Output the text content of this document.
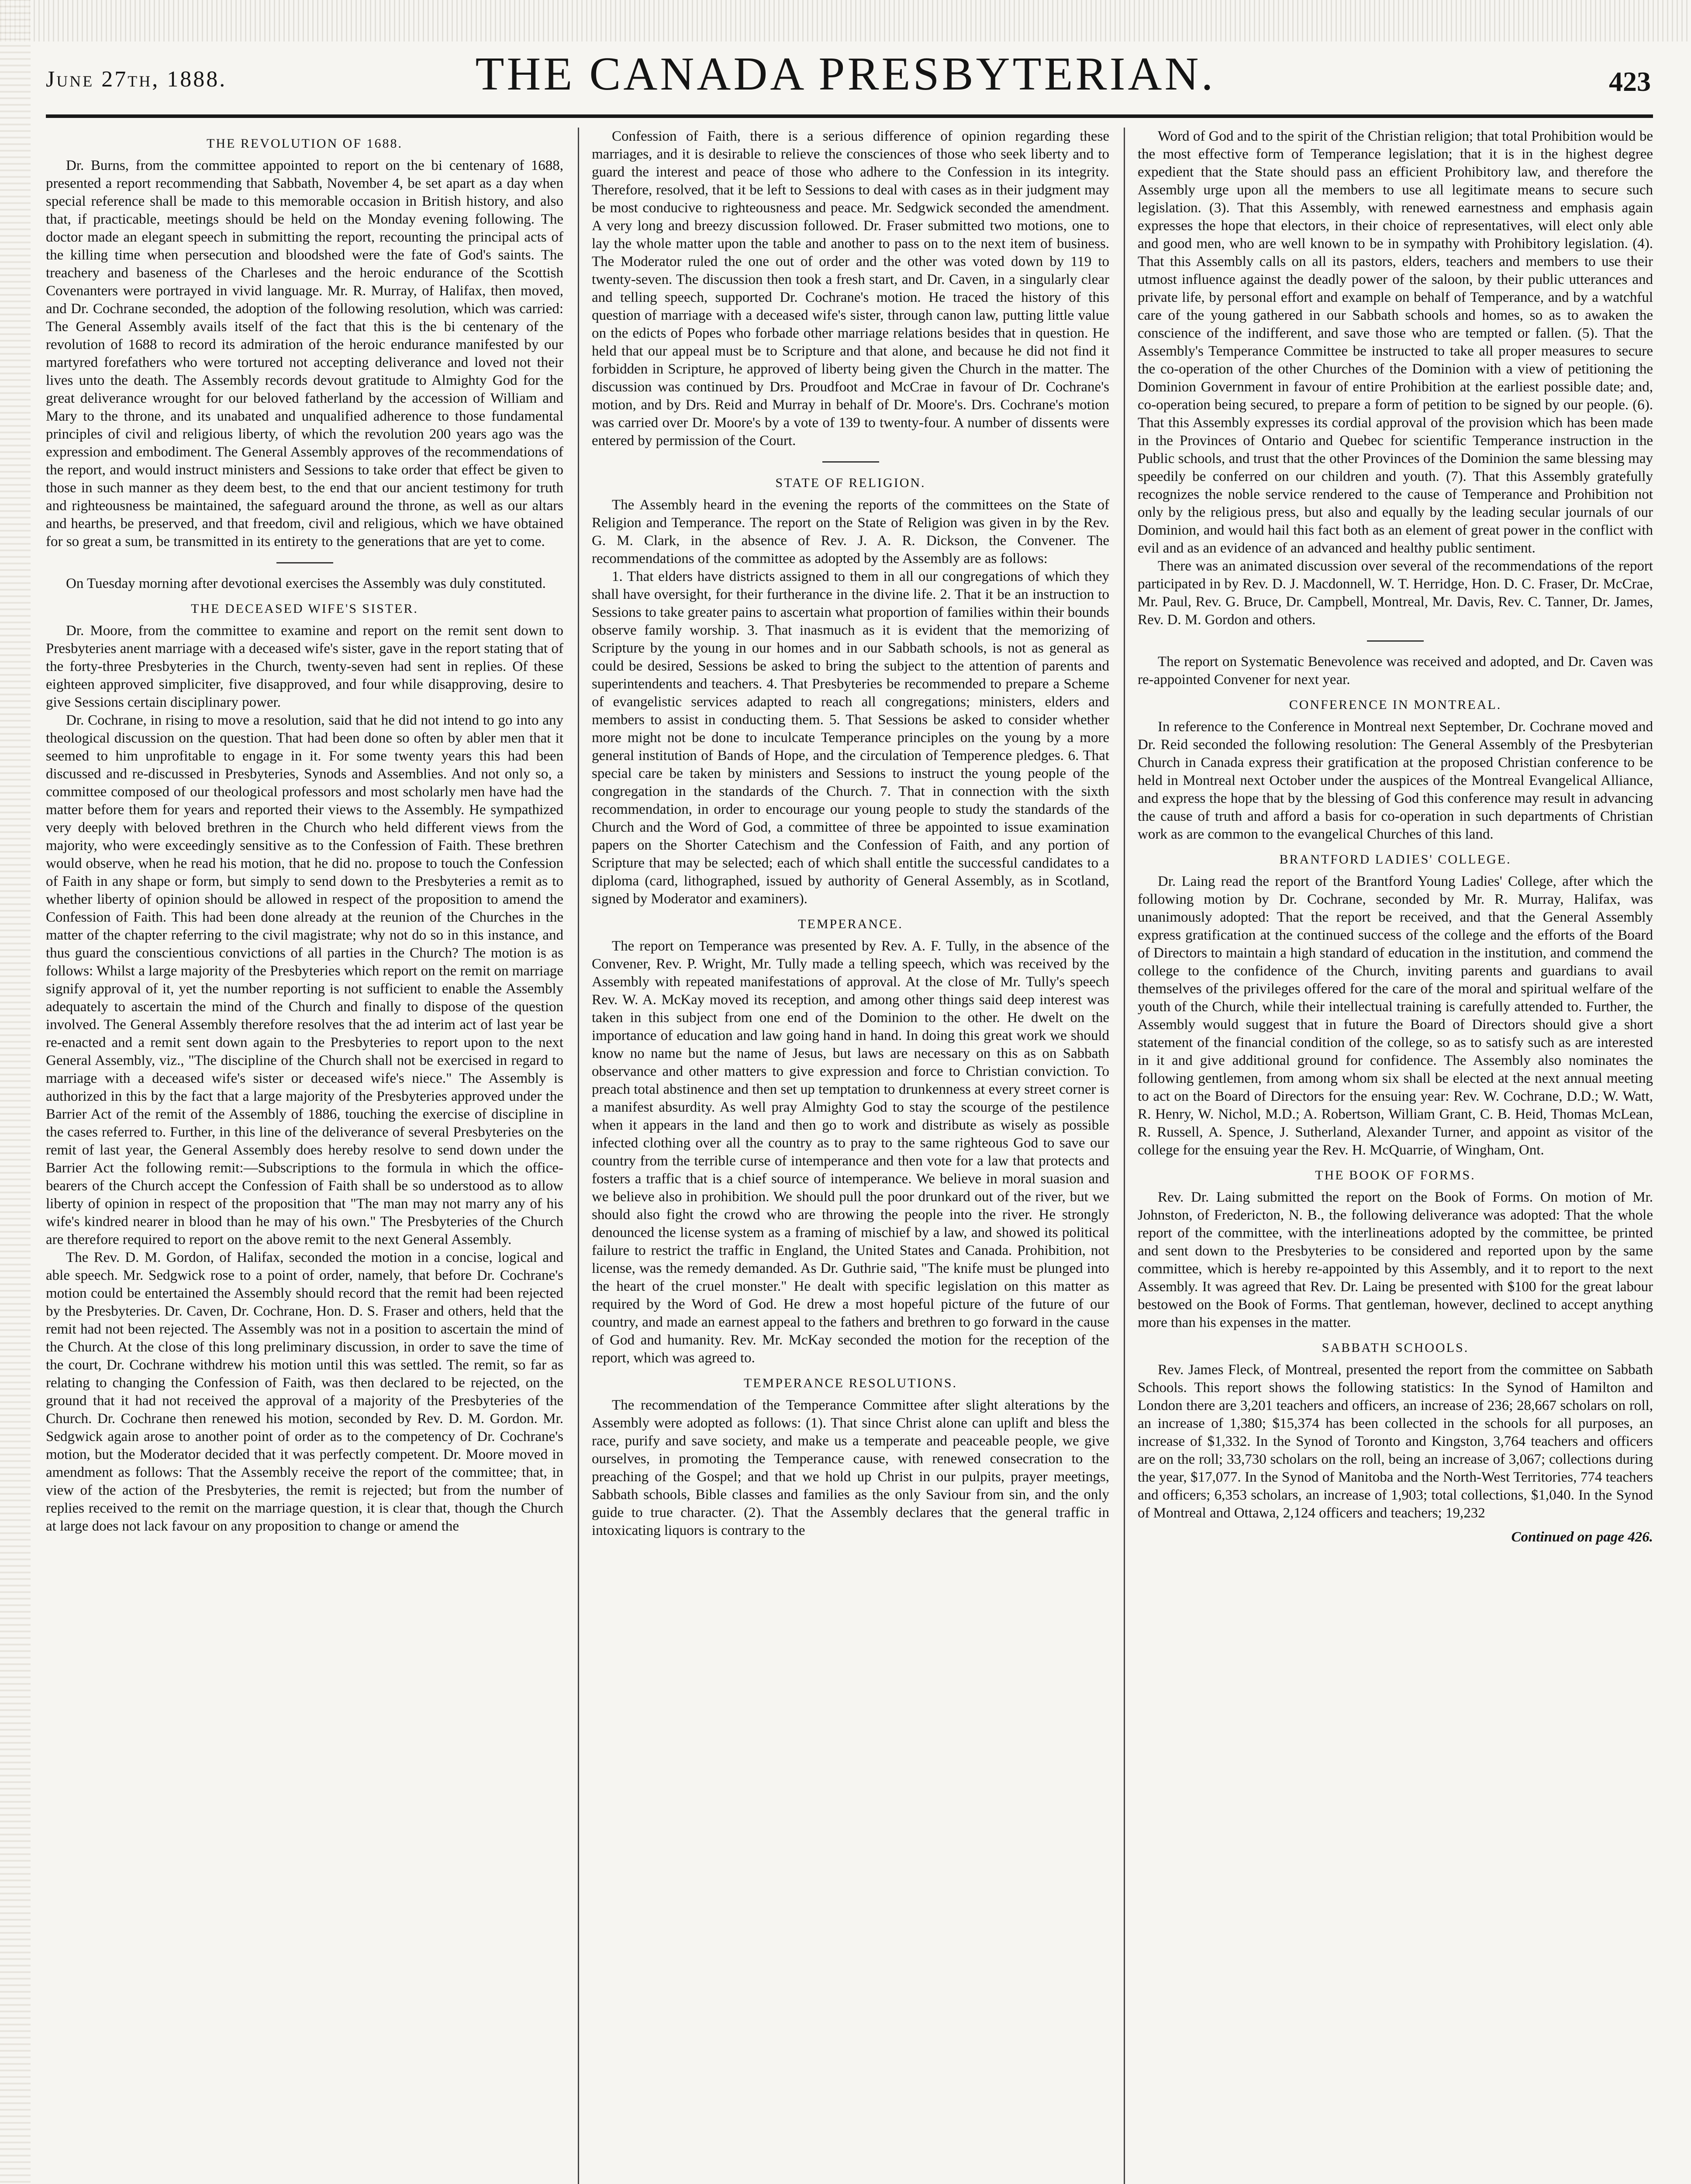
June 27th, 1888.	THE CANADA PRESBYTERIAN.	423
THE REVOLUTION OF 1688.

Dr. Burns, from the committee appointed to report on the bi centenary of 1688, presented a report recommending that Sabbath, November 4, be set apart as a day when special reference shall be made to this memorable occasion in British history, and also that, if practicable, meetings should be held on the Monday evening following. The doctor made an elegant speech in submitting the report, recounting the principal acts of the killing time when persecution and bloodshed were the fate of God's saints. The treachery and baseness of the Charleses and the heroic endurance of the Scottish Covenanters were portrayed in vivid language. Mr. R. Murray, of Halifax, then moved, and Dr. Cochrane seconded, the adoption of the following resolution, which was carried: The General Assembly avails itself of the fact that this is the bi centenary of the revolution of 1688 to record its admiration of the heroic endurance manifested by our martyred forefathers who were tortured not accepting deliverance and loved not their lives unto the death. The Assembly records devout gratitude to Almighty God for the great deliverance wrought for our beloved fatherland by the accession of William and Mary to the throne, and its unabated and unqualified adherence to those fundamental principles of civil and religious liberty, of which the revolution 200 years ago was the expression and embodiment. The General Assembly approves of the recommendations of the report, and would instruct ministers and Sessions to take order that effect be given to those in such manner as they deem best, to the end that our ancient testimony for truth and righteousness be maintained, the safeguard around the throne, as well as our altars and hearths, be preserved, and that freedom, civil and religious, which we have obtained for so great a sum, be transmitted in its entirety to the generations that are yet to come.

On Tuesday morning after devotional exercises the Assembly was duly constituted.

THE DECEASED WIFE'S SISTER.

Dr. Moore, from the committee to examine and report on the remit sent down to Presbyteries anent marriage with a deceased wife's sister, gave in the report stating that of the forty-three Presbyteries in the Church, twenty-seven had sent in replies. Of these eighteen approved simpliciter, five disapproved, and four while disapproving, desire to give Sessions certain disciplinary power.

Dr. Cochrane, in rising to move a resolution, said that he did not intend to go into any theological discussion on the question. That had been done so often by abler men that it seemed to him unprofitable to engage in it. For some twenty years this had been discussed and re-discussed in Presbyteries, Synods and Assemblies. And not only so, a committee composed of our theological professors and most scholarly men have had the matter before them for years and reported their views to the Assembly. He sympathized very deeply with beloved brethren in the Church who held different views from the majority, who were exceedingly sensitive as to the Confession of Faith. These brethren would observe, when he read his motion, that he did no. propose to touch the Confession of Faith in any shape or form, but simply to send down to the Presbyteries a remit as to whether liberty of opinion should be allowed in respect of the proposition to amend the Confession of Faith. This had been done already at the reunion of the Churches in the matter of the chapter referring to the civil magistrate; why not do so in this instance, and thus guard the conscientious convictions of all parties in the Church? The motion is as follows: Whilst a large majority of the Presbyteries which report on the remit on marriage signify approval of it, yet the number reporting is not sufficient to enable the Assembly adequately to ascertain the mind of the Church and finally to dispose of the question involved. The General Assembly therefore resolves that the ad interim act of last year be re-enacted and a remit sent down again to the Presbyteries to report upon to the next General Assembly, viz., "The discipline of the Church shall not be exercised in regard to marriage with a deceased wife's sister or deceased wife's niece." The Assembly is authorized in this by the fact that a large majority of the Presbyteries approved under the Barrier Act of the remit of the Assembly of 1886, touching the exercise of discipline in the cases referred to. Further, in this line of the deliverance of several Presbyteries on the remit of last year, the General Assembly does hereby resolve to send down under the Barrier Act the following remit:—Subscriptions to the formula in which the office-bearers of the Church accept the Confession of Faith shall be so understood as to allow liberty of opinion in respect of the proposition that "The man may not marry any of his wife's kindred nearer in blood than he may of his own." The Presbyteries of the Church are therefore required to report on the above remit to the next General Assembly.

The Rev. D. M. Gordon, of Halifax, seconded the motion in a concise, logical and able speech. Mr. Sedgwick rose to a point of order, namely, that before Dr. Cochrane's motion could be entertained the Assembly should record that the remit had been rejected by the Presbyteries. Dr. Caven, Dr. Cochrane, Hon. D. S. Fraser and others, held that the remit had not been rejected. The Assembly was not in a position to ascertain the mind of the Church. At the close of this long preliminary discussion, in order to save the time of the court, Dr. Cochrane withdrew his motion until this was settled. The remit, so far as relating to changing the Confession of Faith, was then declared to be rejected, on the ground that it had not received the approval of a majority of the Presbyteries of the Church. Dr. Cochrane then renewed his motion, seconded by Rev. D. M. Gordon. Mr. Sedgwick again arose to another point of order as to the competency of Dr. Cochrane's motion, but the Moderator decided that it was perfectly competent. Dr. Moore moved in amendment as follows: That the Assembly receive the report of the committee; that, in view of the action of the Presbyteries, the remit is rejected; but from the number of replies received to the remit on the marriage question, it is clear that, though the Church at large does not lack favour on any proposition to change or amend the

Confession of Faith, there is a serious difference of opinion regarding these marriages, and it is desirable to relieve the consciences of those who seek liberty and to guard the interest and peace of those who adhere to the Confession in its integrity. Therefore, resolved, that it be left to Sessions to deal with cases as in their judgment may be most conducive to righteousness and peace. Mr. Sedgwick seconded the amendment. A very long and breezy discussion followed. Dr. Fraser submitted two motions, one to lay the whole matter upon the table and another to pass on to the next item of business. The Moderator ruled the one out of order and the other was voted down by 119 to twenty-seven. The discussion then took a fresh start, and Dr. Caven, in a singularly clear and telling speech, supported Dr. Cochrane's motion. He traced the history of this question of marriage with a deceased wife's sister, through canon law, putting little value on the edicts of Popes who forbade other marriage relations besides that in question. He held that our appeal must be to Scripture and that alone, and because he did not find it forbidden in Scripture, he approved of liberty being given the Church in the matter. The discussion was continued by Drs. Proudfoot and McCrae in favour of Dr. Cochrane's motion, and by Drs. Reid and Murray in behalf of Dr. Moore's. Drs. Cochrane's motion was carried over Dr. Moore's by a vote of 139 to twenty-four. A number of dissents were entered by permission of the Court.

STATE OF RELIGION.

The Assembly heard in the evening the reports of the committees on the State of Religion and Temperance. The report on the State of Religion was given in by the Rev. G. M. Clark, in the absence of Rev. J. A. R. Dickson, the Convener. The recommendations of the committee as adopted by the Assembly are as follows:

1. That elders have districts assigned to them in all our congregations of which they shall have oversight, for their furtherance in the divine life. 2. That it be an instruction to Sessions to take greater pains to ascertain what proportion of families within their bounds observe family worship. 3. That inasmuch as it is evident that the memorizing of Scripture by the young in our homes and in our Sabbath schools, is not as general as could be desired, Sessions be asked to bring the subject to the attention of parents and superintendents and teachers. 4. That Presbyteries be recommended to prepare a Scheme of evangelistic services adapted to reach all congregations; ministers, elders and members to assist in conducting them. 5. That Sessions be asked to consider whether more might not be done to inculcate Temperance principles on the young by a more general institution of Bands of Hope, and the circulation of Temperence pledges. 6. That special care be taken by ministers and Sessions to instruct the young people of the congregation in the standards of the Church. 7. That in connection with the sixth recommendation, in order to encourage our young people to study the standards of the Church and the Word of God, a committee of three be appointed to issue examination papers on the Shorter Catechism and the Confession of Faith, and any portion of Scripture that may be selected; each of which shall entitle the successful candidates to a diploma (card, lithographed, issued by authority of General Assembly, as in Scotland, signed by Moderator and examiners).

TEMPERANCE.

The report on Temperance was presented by Rev. A. F. Tully, in the absence of the Convener, Rev. P. Wright, Mr. Tully made a telling speech, which was received by the Assembly with repeated manifestations of approval. At the close of Mr. Tully's speech Rev. W. A. McKay moved its reception, and among other things said deep interest was taken in this subject from one end of the Dominion to the other. He dwelt on the importance of education and law going hand in hand. In doing this great work we should know no name but the name of Jesus, but laws are necessary on this as on Sabbath observance and other matters to give expression and force to Christian conviction. To preach total abstinence and then set up temptation to drunkenness at every street corner is a manifest absurdity. As well pray Almighty God to stay the scourge of the pestilence when it appears in the land and then go to work and distribute as wisely as possible infected clothing over all the country as to pray to the same righteous God to save our country from the terrible curse of intemperance and then vote for a law that protects and fosters a traffic that is a chief source of intemperance. We believe in moral suasion and we believe also in prohibition. We should pull the poor drunkard out of the river, but we should also fight the crowd who are throwing the people into the river. He strongly denounced the license system as a framing of mischief by a law, and showed its political failure to restrict the traffic in England, the United States and Canada. Prohibition, not license, was the remedy demanded. As Dr. Guthrie said, "The knife must be plunged into the heart of the cruel monster." He dealt with specific legislation on this matter as required by the Word of God. He drew a most hopeful picture of the future of our country, and made an earnest appeal to the fathers and brethren to go forward in the cause of God and humanity. Rev. Mr. McKay seconded the motion for the reception of the report, which was agreed to.

TEMPERANCE RESOLUTIONS.

The recommendation of the Temperance Committee after slight alterations by the Assembly were adopted as follows: (1). That since Christ alone can uplift and bless the race, purify and save society, and make us a temperate and peaceable people, we give ourselves, in promoting the Temperance cause, with renewed consecration to the preaching of the Gospel; and that we hold up Christ in our pulpits, prayer meetings, Sabbath schools, Bible classes and families as the only Saviour from sin, and the only guide to true character. (2). That the Assembly declares that the general traffic in intoxicating liquors is contrary to the

Word of God and to the spirit of the Christian religion; that total Prohibition would be the most effective form of Temperance legislation; that it is in the highest degree expedient that the State should pass an efficient Prohibitory law, and therefore the Assembly urge upon all the members to use all legitimate means to secure such legislation. (3). That this Assembly, with renewed earnestness and emphasis again expresses the hope that electors, in their choice of representatives, will elect only able and good men, who are well known to be in sympathy with Prohibitory legislation. (4). That this Assembly calls on all its pastors, elders, teachers and members to use their utmost influence against the deadly power of the saloon, by their public utterances and private life, by personal effort and example on behalf of Temperance, and by a watchful care of the young gathered in our Sabbath schools and homes, so as to awaken the conscience of the indifferent, and save those who are tempted or fallen. (5). That the Assembly's Temperance Committee be instructed to take all proper measures to secure the co-operation of the other Churches of the Dominion with a view of petitioning the Dominion Government in favour of entire Prohibition at the earliest possible date; and, co-operation being secured, to prepare a form of petition to be signed by our people. (6). That this Assembly expresses its cordial approval of the provision which has been made in the Provinces of Ontario and Quebec for scientific Temperance instruction in the Public schools, and trust that the other Provinces of the Dominion the same blessing may speedily be conferred on our children and youth. (7). That this Assembly gratefully recognizes the noble service rendered to the cause of Temperance and Prohibition not only by the religious press, but also and equally by the leading secular journals of our Dominion, and would hail this fact both as an element of great power in the conflict with evil and as an evidence of an advanced and healthy public sentiment.

There was an animated discussion over several of the recommendations of the report participated in by Rev. D. J. Macdonnell, W. T. Herridge, Hon. D. C. Fraser, Dr. McCrae, Mr. Paul, Rev. G. Bruce, Dr. Campbell, Montreal, Mr. Davis, Rev. C. Tanner, Dr. James, Rev. D. M. Gordon and others.

The report on Systematic Benevolence was received and adopted, and Dr. Caven was re-appointed Convener for next year.

CONFERENCE IN MONTREAL.

In reference to the Conference in Montreal next September, Dr. Cochrane moved and Dr. Reid seconded the following resolution: The General Assembly of the Presbyterian Church in Canada express their gratification at the proposed Christian conference to be held in Montreal next October under the auspices of the Montreal Evangelical Alliance, and express the hope that by the blessing of God this conference may result in advancing the cause of truth and afford a basis for co-operation in such departments of Christian work as are common to the evangelical Churches of this land.

BRANTFORD LADIES' COLLEGE.

Dr. Laing read the report of the Brantford Young Ladies' College, after which the following motion by Dr. Cochrane, seconded by Mr. R. Murray, Halifax, was unanimously adopted: That the report be received, and that the General Assembly express gratification at the continued success of the college and the efforts of the Board of Directors to maintain a high standard of education in the institution, and commend the college to the confidence of the Church, inviting parents and guardians to avail themselves of the privileges offered for the care of the moral and spiritual welfare of the youth of the Church, while their intellectual training is carefully attended to. Further, the Assembly would suggest that in future the Board of Directors should give a short statement of the financial condition of the college, so as to satisfy such as are interested in it and give additional ground for confidence. The Assembly also nominates the following gentlemen, from among whom six shall be elected at the next annual meeting to act on the Board of Directors for the ensuing year: Rev. W. Cochrane, D.D.; W. Watt, R. Henry, W. Nichol, M.D.; A. Robertson, William Grant, C. B. Heid, Thomas McLean, R. Russell, A. Spence, J. Sutherland, Alexander Turner, and appoint as visitor of the college for the ensuing year the Rev. H. McQuarrie, of Wingham, Ont.

THE BOOK OF FORMS.

Rev. Dr. Laing submitted the report on the Book of Forms. On motion of Mr. Johnston, of Fredericton, N. B., the following deliverance was adopted: That the whole report of the committee, with the interlineations adopted by the committee, be printed and sent down to the Presbyteries to be considered and reported upon by the same committee, which is hereby re-appointed by this Assembly, and it to report to the next Assembly. It was agreed that Rev. Dr. Laing be presented with $100 for the great labour bestowed on the Book of Forms. That gentleman, however, declined to accept anything more than his expenses in the matter.

SABBATH SCHOOLS.

Rev. James Fleck, of Montreal, presented the report from the committee on Sabbath Schools. This report shows the following statistics: In the Synod of Hamilton and London there are 3,201 teachers and officers, an increase of 236; 28,667 scholars on roll, an increase of 1,380; $15,374 has been collected in the schools for all purposes, an increase of $1,332. In the Synod of Toronto and Kingston, 3,764 teachers and officers are on the roll; 33,730 scholars on the roll, being an increase of 3,067; collections during the year, $17,077. In the Synod of Manitoba and the North-West Territories, 774 teachers and officers; 6,353 scholars, an increase of 1,903; total collections, $1,040. In the Synod of Montreal and Ottawa, 2,124 officers and teachers; 19,232

Continued on page 426.
